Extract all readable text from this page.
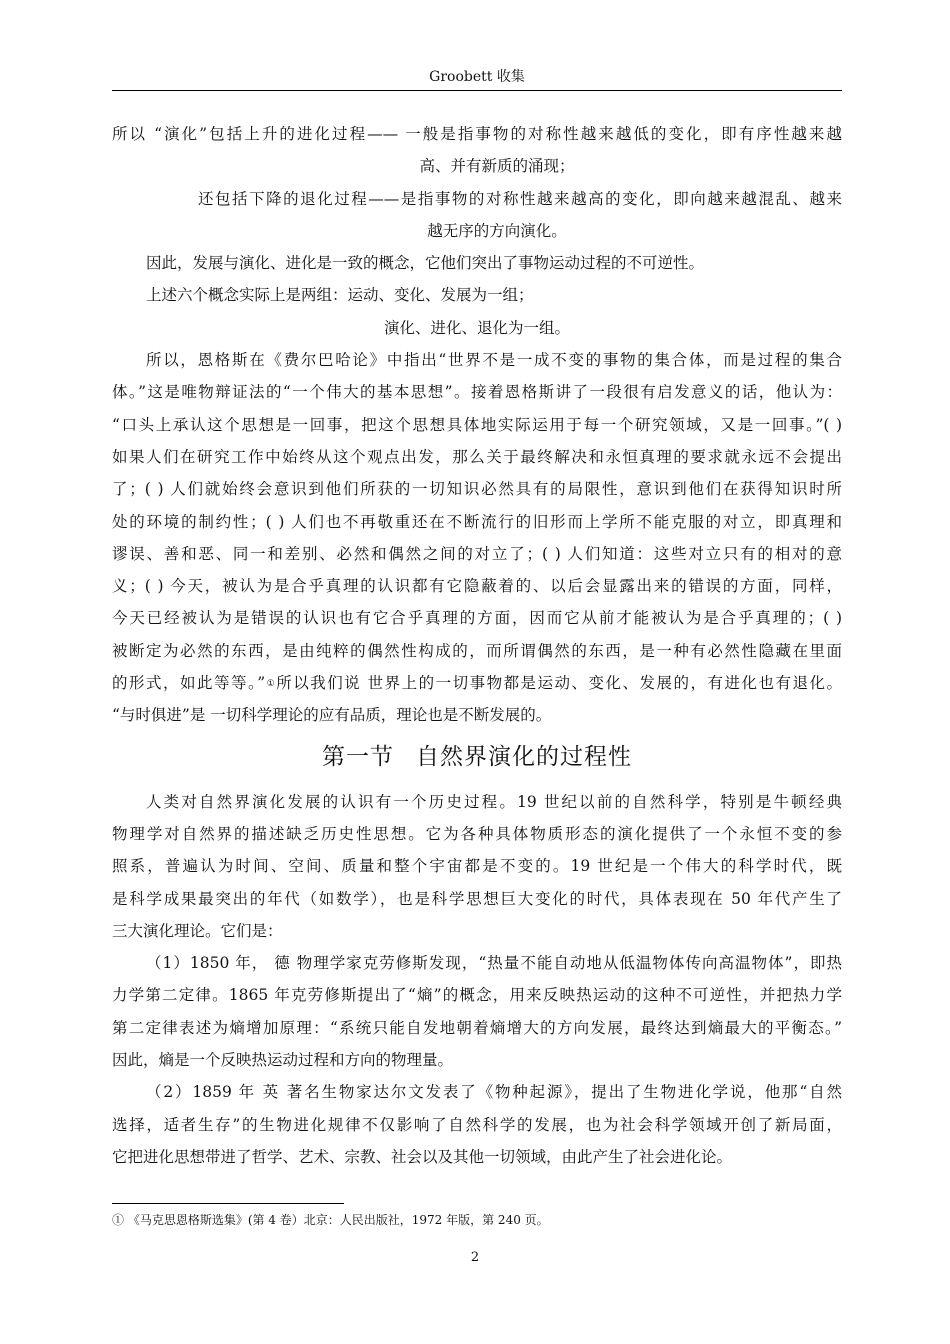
Groobett 收集
所以 “演化”包括上升的进化过程—— 一般是指事物的对称性越来越低的变化，即有序性越来越
高、并有新质的涌现；
还包括下降的退化过程——是指事物的对称性越来越高的变化，即向越来越混乱、越来
越无序的方向演化。
因此，发展与演化、进化是一致的概念，它他们突出了事物运动过程的不可逆性。
上述六个概念实际上是两组：运动、变化、发展为一组；
演化、进化、退化为一组。
所以，恩格斯在《费尔巴哈论》中指出“世界不是一成不变的事物的集合体，而是过程的集合
体。”这是唯物辩证法的“一个伟大的基本思想”。接着恩格斯讲了一段很有启发意义的话，他认为：
“口头上承认这个思想是一回事，把这个思想具体地实际运用于每一个研究领域，又是一回事。”( )
如果人们在研究工作中始终从这个观点出发，那么关于最终解决和永恒真理的要求就永远不会提出
了；( ) 人们就始终会意识到他们所获的一切知识必然具有的局限性，意识到他们在获得知识时所
处的环境的制约性；( ) 人们也不再敬重还在不断流行的旧形而上学所不能克服的对立，即真理和
谬误、善和恶、同一和差别、必然和偶然之间的对立了；( ) 人们知道：这些对立只有的相对的意
义；( ) 今天，被认为是合乎真理的认识都有它隐蔽着的、以后会显露出来的错误的方面，同样，
今天已经被认为是错误的认识也有它合乎真理的方面，因而它从前才能被认为是合乎真理的；( )
被断定为必然的东西，是由纯粹的偶然性构成的，而所谓偶然的东西，是一种有必然性隐藏在里面
的形式，如此等等。”①所以我们说 世界上的一切事物都是运动、变化、发展的，有进化也有退化。
“与时俱进”是 一切科学理论的应有品质，理论也是不断发展的。
第一节 自然界演化的过程性
人类对自然界演化发展的认识有一个历史过程。19 世纪以前的自然科学，特别是牛顿经典
物理学对自然界的描述缺乏历史性思想。它为各种具体物质形态的演化提供了一个永恒不变的参
照系，普遍认为时间、空间、质量和整个宇宙都是不变的。19 世纪是一个伟大的科学时代，既
是科学成果最突出的年代（如数学），也是科学思想巨大变化的时代，具体表现在 50 年代产生了
三大演化理论。它们是：
（1）1850 年， 德 物理学家克劳修斯发现，“热量不能自动地从低温物体传向高温物体”，即热
力学第二定律。1865 年克劳修斯提出了“熵”的概念，用来反映热运动的这种不可逆性，并把热力学
第二定律表述为熵增加原理：“系统只能自发地朝着熵增大的方向发展，最终达到熵最大的平衡态。”
因此，熵是一个反映热运动过程和方向的物理量。
（2）1859 年 英 著名生物家达尔文发表了《物种起源》，提出了生物进化学说，他那“自然
选择，适者生存”的生物进化规律不仅影响了自然科学的发展，也为社会科学领域开创了新局面，
它把进化思想带进了哲学、艺术、宗教、社会以及其他一切领域，由此产生了社会进化论。
① 《马克思恩格斯选集》(第 4 卷）北京：人民出版社，1972 年版，第 240 页。
2
